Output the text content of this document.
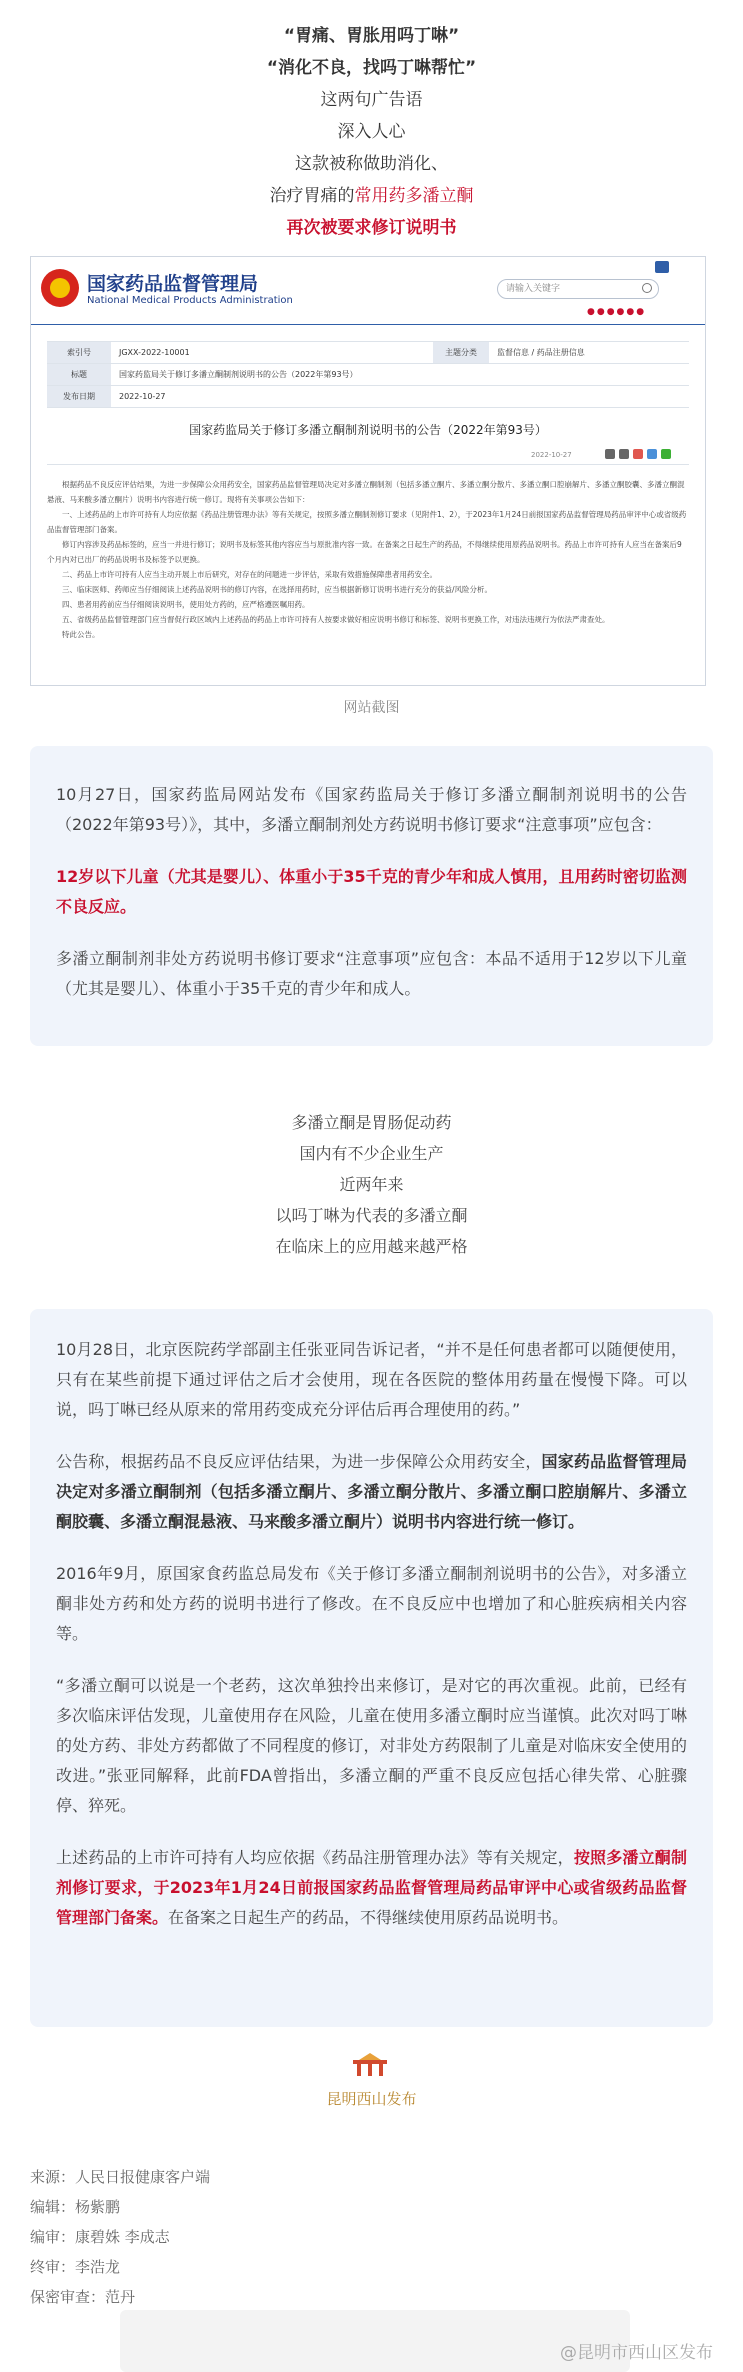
“胃痛、胃胀用吗丁啉”

“消化不良，找吗丁啉帮忙”

这两句广告语

深入人心

这款被称做助消化、

治疗胃痛的常用药多潘立酮

再次被要求修订说明书

国家药品监督管理局
National Medical Products Administration
请输入关键字
●●●●●●
索引号	JGXX-2022-10001	主题分类	监督信息 / 药品注册信息
标题	国家药监局关于修订多潘立酮制剂说明书的公告（2022年第93号）
发布日期	2022-10-27
国家药监局关于修订多潘立酮制剂说明书的公告（2022年第93号）
2022-10-27

根据药品不良反应评估结果，为进一步保障公众用药安全，国家药品监督管理局决定对多潘立酮制剂（包括多潘立酮片、多潘立酮分散片、多潘立酮口腔崩解片、多潘立酮胶囊、多潘立酮混悬液、马来酸多潘立酮片）说明书内容进行统一修订。现将有关事项公告如下：

一、上述药品的上市许可持有人均应依据《药品注册管理办法》等有关规定，按照多潘立酮制剂修订要求（见附件1、2），于2023年1月24日前报国家药品监督管理局药品审评中心或省级药品监督管理部门备案。

修订内容涉及药品标签的，应当一并进行修订；说明书及标签其他内容应当与原批准内容一致。在备案之日起生产的药品，不得继续使用原药品说明书。药品上市许可持有人应当在备案后9个月内对已出厂的药品说明书及标签予以更换。

二、药品上市许可持有人应当主动开展上市后研究，对存在的问题进一步评估，采取有效措施保障患者用药安全。

三、临床医师、药师应当仔细阅读上述药品说明书的修订内容，在选择用药时，应当根据新修订说明书进行充分的获益/风险分析。

四、患者用药前应当仔细阅读说明书，使用处方药的，应严格遵医嘱用药。

五、省级药品监督管理部门应当督促行政区域内上述药品的药品上市许可持有人按要求做好相应说明书修订和标签、说明书更换工作，对违法违规行为依法严肃查处。

特此公告。

网站截图

10月27日，国家药监局网站发布《国家药监局关于修订多潘立酮制剂说明书的公告（2022年第93号）》，其中，多潘立酮制剂处方药说明书修订要求“注意事项”应包含：

12岁以下儿童（尤其是婴儿）、体重小于35千克的青少年和成人慎用，且用药时密切监测不良反应。

多潘立酮制剂非处方药说明书修订要求“注意事项”应包含：本品不适用于12岁以下儿童（尤其是婴儿）、体重小于35千克的青少年和成人。

多潘立酮是胃肠促动药

国内有不少企业生产

近两年来

以吗丁啉为代表的多潘立酮

在临床上的应用越来越严格

10月28日，北京医院药学部副主任张亚同告诉记者，“并不是任何患者都可以随便使用，只有在某些前提下通过评估之后才会使用，现在各医院的整体用药量在慢慢下降。可以说，吗丁啉已经从原来的常用药变成充分评估后再合理使用的药。”

公告称，根据药品不良反应评估结果，为进一步保障公众用药安全，国家药品监督管理局决定对多潘立酮制剂（包括多潘立酮片、多潘立酮分散片、多潘立酮口腔崩解片、多潘立酮胶囊、多潘立酮混悬液、马来酸多潘立酮片）说明书内容进行统一修订。

2016年9月，原国家食药监总局发布《关于修订多潘立酮制剂说明书的公告》，对多潘立酮非处方药和处方药的说明书进行了修改。在不良反应中也增加了和心脏疾病相关内容等。

“多潘立酮可以说是一个老药，这次单独拎出来修订，是对它的再次重视。此前，已经有多次临床评估发现，儿童使用存在风险，儿童在使用多潘立酮时应当谨慎。此次对吗丁啉的处方药、非处方药都做了不同程度的修订，对非处方药限制了儿童是对临床安全使用的改进。”张亚同解释，此前FDA曾指出，多潘立酮的严重不良反应包括心律失常、心脏骤停、猝死。

上述药品的上市许可持有人均应依据《药品注册管理办法》等有关规定，按照多潘立酮制剂修订要求，于2023年1月24日前报国家药品监督管理局药品审评中心或省级药品监督管理部门备案。在备案之日起生产的药品，不得继续使用原药品说明书。

昆明西山发布

来源：人民日报健康客户端

编辑：杨紫鹏

编审：康碧姝 李成志

终审：李浩龙

保密审查：范丹

@昆明市西山区发布
